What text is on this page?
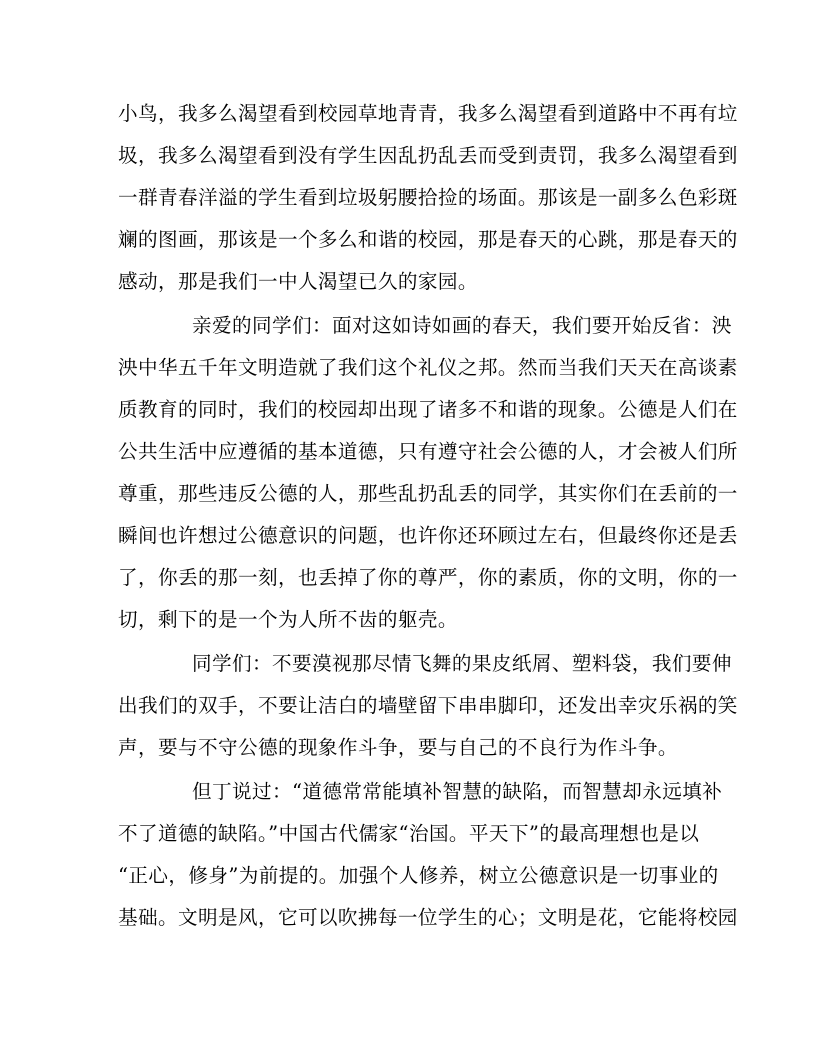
小鸟，我多么渴望看到校园草地青青，我多么渴望看到道路中不再有垃
圾，我多么渴望看到没有学生因乱扔乱丢而受到责罚，我多么渴望看到
一群青春洋溢的学生看到垃圾躬腰拾捡的场面。那该是一副多么色彩斑
斓的图画，那该是一个多么和谐的校园，那是春天的心跳，那是春天的
感动，那是我们一中人渴望已久的家园。
亲爱的同学们：面对这如诗如画的春天，我们要开始反省：泱
泱中华五千年文明造就了我们这个礼仪之邦。然而当我们天天在高谈素
质教育的同时，我们的校园却出现了诸多不和谐的现象。公德是人们在
公共生活中应遵循的基本道德，只有遵守社会公德的人，才会被人们所
尊重，那些违反公德的人，那些乱扔乱丢的同学，其实你们在丢前的一
瞬间也许想过公德意识的问题，也许你还环顾过左右，但最终你还是丢
了，你丢的那一刻，也丢掉了你的尊严，你的素质，你的文明，你的一
切，剩下的是一个为人所不齿的躯壳。
同学们：不要漠视那尽情飞舞的果皮纸屑、塑料袋，我们要伸
出我们的双手，不要让洁白的墙壁留下串串脚印，还发出幸灾乐祸的笑
声，要与不守公德的现象作斗争，要与自己的不良行为作斗争。
但丁说过：“道德常常能填补智慧的缺陷，而智慧却永远填补
不了道德的缺陷。”中国古代儒家“治国。平天下”的最高理想也是以
“正心，修身”为前提的。加强个人修养，树立公德意识是一切事业的
基础。文明是风，它可以吹拂每一位学生的心；文明是花，它能将校园
